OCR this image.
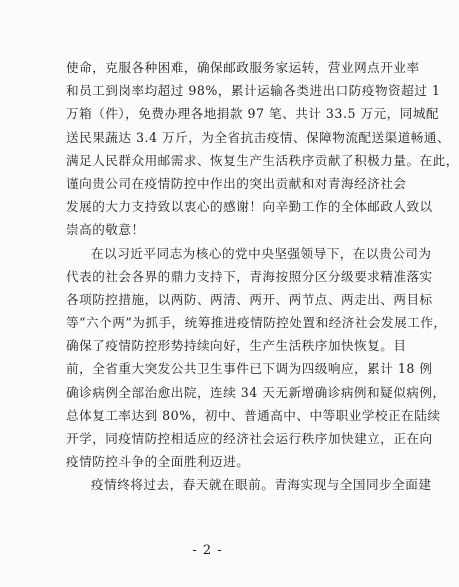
使命，克服各种困难，确保邮政服务家运转，营业网点开业率
和员工到岗率均超过 98%，累计运输各类进出口防疫物资超过 1
万箱（件），免费办理各地捐款 97 笔、共计 33.5 万元，同城配
送民果蔬达 3.4 万斤，为全省抗击疫情、保障物流配送渠道畅通、
满足人民群众用邮需求、恢复生产生活秩序贡献了积极力量。在此，
谨向贵公司在疫情防控中作出的突出贡献和对青海经济社会
发展的大力支持致以衷心的感谢！向辛勤工作的全体邮政人致以
崇高的敬意！
在以习近平同志为核心的党中央坚强领导下，在以贵公司为
代表的社会各界的鼎力支持下，青海按照分区分级要求精准落实
各项防控措施，以两防、两清、两开、两节点、两走出、两目标
等“六个两”为抓手，统筹推进疫情防控处置和经济社会发展工作，
确保了疫情防控形势持续向好，生产生活秩序加快恢复。目
前，全省重大突发公共卫生事件已下调为四级响应，累计 18 例
确诊病例全部治愈出院，连续 34 天无新增确诊病例和疑似病例，
总体复工率达到 80%，初中、普通高中、中等职业学校正在陆续
开学，同疫情防控相适应的经济社会运行秩序加快建立，正在向
疫情防控斗争的全面胜利迈进。
疫情终将过去，春天就在眼前。青海实现与全国同步全面建
- 2 -
